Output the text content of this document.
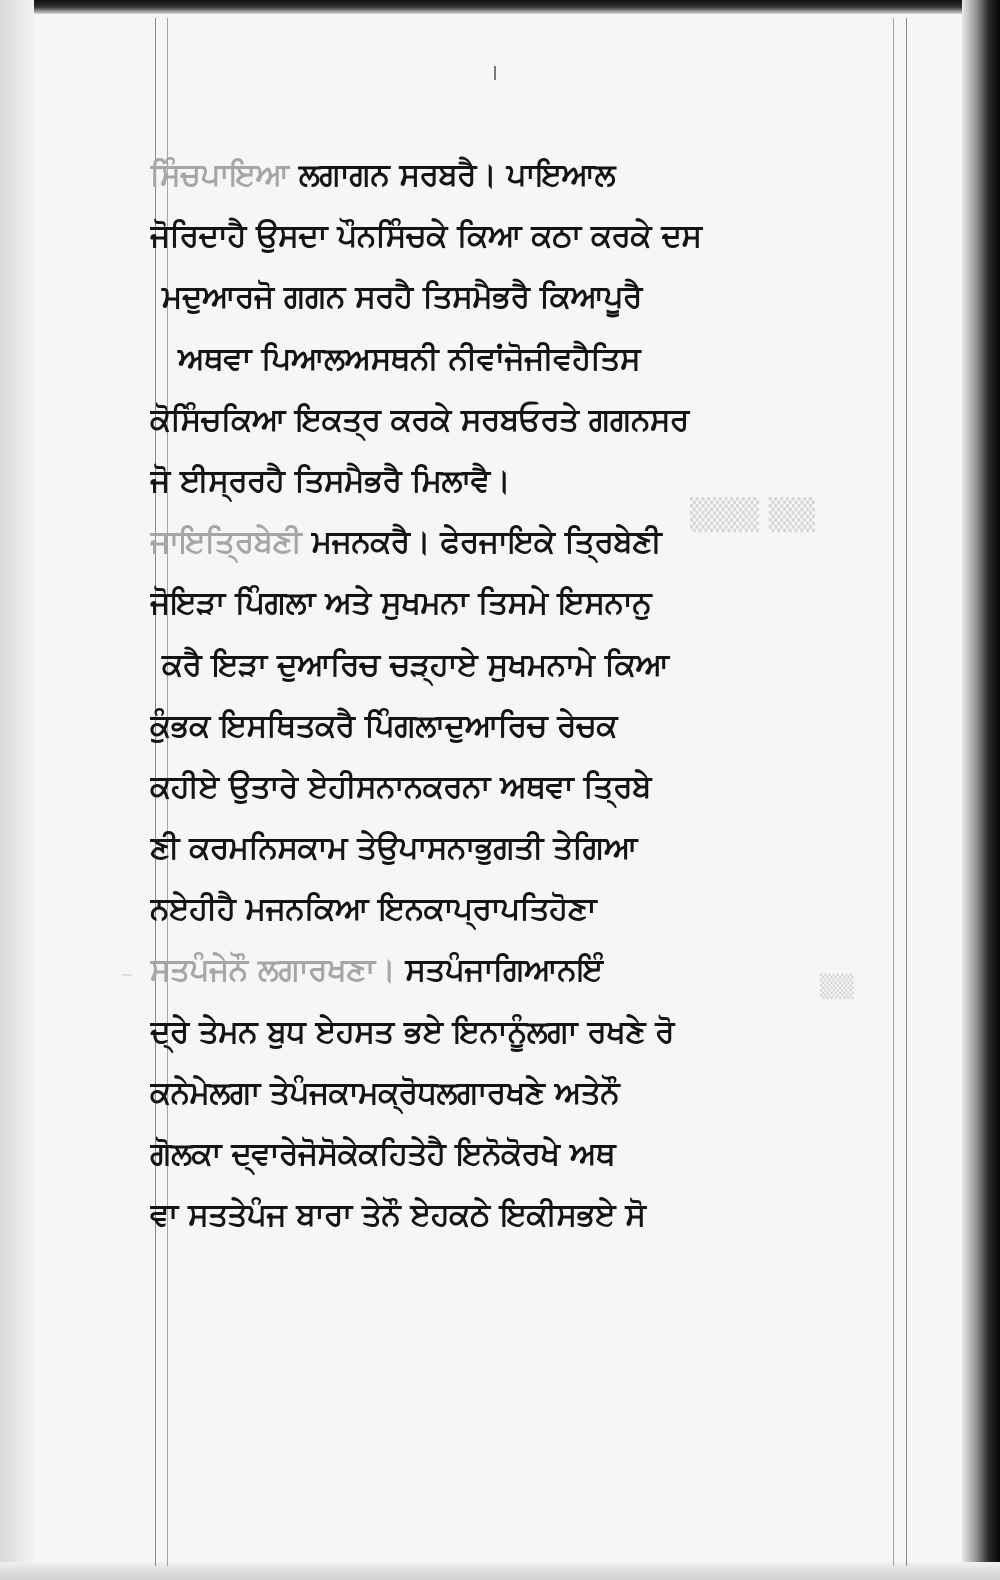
▒▒▒ ▒▒
∼
▒▒
ਸਿੰਚਪਾਇਆ ਲਗਾਗਨ ਸਰਬਰੈ। ਪਾਇਆਲ
ਜੋਰਿਦਾਹੈ ਉਸਦਾ ਪੌਨਸਿੰਚਕੇ ਕਿਆ ਕਠਾ ਕਰਕੇ ਦਸ
ਮਦੁਆਰਜੋ ਗਗਨ ਸਰਹੈ ਤਿਸਮੈਭਰੈ ਕਿਆਪੂਰੈ
ਅਥਵਾ ਪਿਆਲਅਸਥਨੀ ਨੀਵਾਂਜੋਜੀਵਹੈਤਿਸ
ਕੋਸਿੰਚਕਿਆ ਇਕਤ੍ਰ ਕਰਕੇ ਸਰਬਓਰਤੇ ਗਗਨਸਰ
ਜੋ ਈਸ੍ਰਰਹੈ ਤਿਸਮੈਭਰੈ ਮਿਲਾਵੈ।
ਜਾਇਤ੍ਰਿਬੇਣੀ ਮਜਨਕਰੈ। ਫੇਰਜਾਇਕੇ ਤ੍ਰਿਬੇਣੀ
ਜੋਇੜਾ ਪਿੰਗਲਾ ਅਤੇ ਸੁਖਮਨਾ ਤਿਸਮੇ ਇਸਨਾਨੁ
ਕਰੈ ਇੜਾ ਦੁਆਰਿਚ ਚੜ੍ਹਾਏ ਸੁਖਮਨਾਮੇ ਕਿਆ
ਕੁੰਭਕ ਇਸਥਿਤਕਰੈ ਪਿੰਗਲਾਦੁਆਰਿਚ ਰੇਚਕ
ਕਹੀਏ ਉਤਾਰੇ ਏਹੀਸਨਾਨਕਰਨਾ ਅਥਵਾ ਤ੍ਰਿਬੇ
ਣੀ ਕਰਮਨਿਸਕਾਮ ਤੇਉਪਾਸਨਾਭੁਗਤੀ ਤੇਗਿਆ
ਨਏਹੀਹੈ ਮਜਨਕਿਆ ਇਨਕਾਪ੍ਰਾਪਤਿਹੋਣਾ
ਸਤਪੰਜੇਨੌ ਲਗਾਰਖਣਾ। ਸਤਪੰਜਾਗਿਆਨਇੰ
ਦ੍ਰੇ ਤੇਮਨ ਬੁਧ ਏਹਸਤ ਭਏ ਇਨਾਨੂੰਲਗਾ ਰਖਣੇ ਰੋ
ਕਨੇਮੇਲਗਾ ਤੇਪੰਜਕਾਮਕ੍ਰੋਧਲਗਾਰਖਣੇ ਅਤੇਨੌ
ਗੋਲਕਾ ਦ੍ਵਾਰੇਜੋਸੋਕੇਕਹਿਤੇਹੈ ਇਨੋਕੋਰਖੇ ਅਥ
ਵਾ ਸਤਤੇਪੰਜ ਬਾਰਾ ਤੇਨੌ ਏਹਕਠੇ ਇਕੀਸਭਏ ਸੋ
